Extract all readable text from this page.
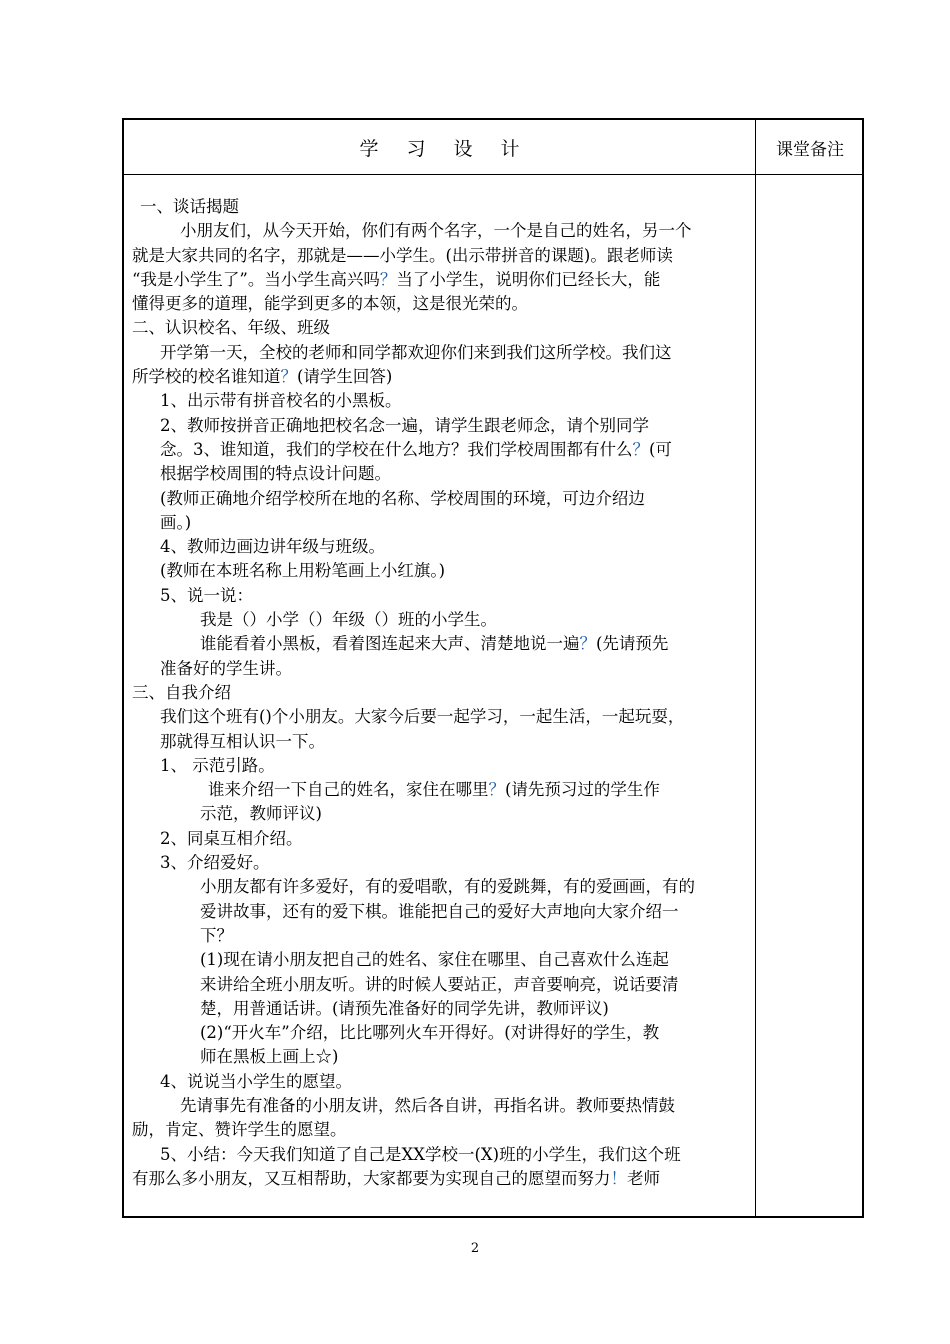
学习设计	课堂备注
一、谈话揭题
小朋友们，从今天开始，你们有两个名字，一个是自己的姓名，另一个
就是大家共同的名字，那就是——小学生。(出示带拼音的课题)。跟老师读
“我是小学生了”。当小学生高兴吗？当了小学生，说明你们已经长大，能
懂得更多的道理，能学到更多的本领，这是很光荣的。
二、认识校名、年级、班级
开学第一天，全校的老师和同学都欢迎你们来到我们这所学校。我们这
所学校的校名谁知道？(请学生回答)
1、出示带有拼音校名的小黑板。
2、教师按拼音正确地把校名念一遍，请学生跟老师念，请个别同学
念。3、谁知道，我们的学校在什么地方？我们学校周围都有什么？(可
根据学校周围的特点设计问题。
(教师正确地介绍学校所在地的名称、学校周围的环境，可边介绍边
画。)
4、教师边画边讲年级与班级。
(教师在本班名称上用粉笔画上小红旗。)
5、说一说：
我是（）小学（）年级（）班的小学生。
谁能看着小黑板，看着图连起来大声、清楚地说一遍？(先请预先
准备好的学生讲。
三、自我介绍
我们这个班有()个小朋友。大家今后要一起学习，一起生活，一起玩耍，
那就得互相认识一下。
1、 示范引路。
谁来介绍一下自己的姓名，家住在哪里？(请先预习过的学生作
示范，教师评议)
2、同桌互相介绍。
3、介绍爱好。
小朋友都有许多爱好，有的爱唱歌，有的爱跳舞，有的爱画画，有的
爱讲故事，还有的爱下棋。谁能把自己的爱好大声地向大家介绍一
下？
(1)现在请小朋友把自己的姓名、家住在哪里、自己喜欢什么连起
来讲给全班小朋友听。讲的时候人要站正，声音要响亮，说话要清
楚，用普通话讲。(请预先准备好的同学先讲，教师评议)
(2)“开火车”介绍，比比哪列火车开得好。(对讲得好的学生，教
师在黑板上画上☆)
4、说说当小学生的愿望。
先请事先有准备的小朋友讲，然后各自讲，再指名讲。教师要热情鼓
励，肯定、赞许学生的愿望。
5、小结：今天我们知道了自己是XX学校一(X)班的小学生，我们这个班
有那么多小朋友，又互相帮助，大家都要为实现自己的愿望而努力！老师
2
